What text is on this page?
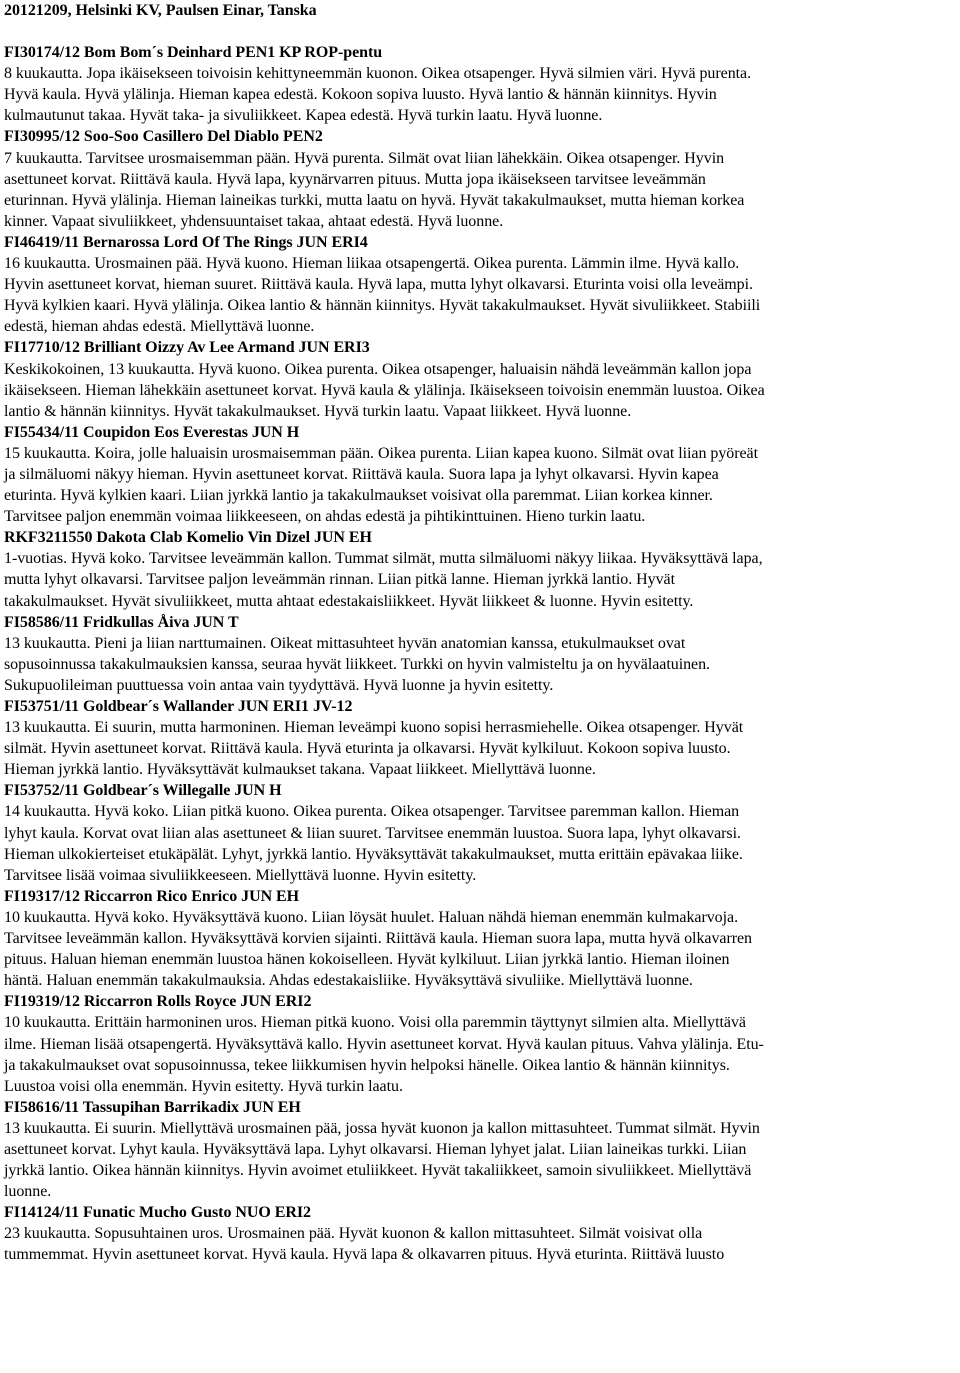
20121209, Helsinki KV, Paulsen Einar, Tanska
FI30174/12 Bom Bom´s Deinhard PEN1 KP ROP-pentu
8 kuukautta. Jopa ikäisekseen toivoisin kehittyneemmän kuonon. Oikea otsapenger. Hyvä silmien väri. Hyvä purenta.
Hyvä kaula. Hyvä ylälinja. Hieman kapea edestä. Kokoon sopiva luusto. Hyvä lantio & hännän kiinnitys. Hyvin
kulmautunut takaa. Hyvät taka- ja sivuliikkeet. Kapea edestä. Hyvä turkin laatu. Hyvä luonne.
FI30995/12 Soo-Soo Casillero Del Diablo PEN2
7 kuukautta. Tarvitsee urosmaisemman pään. Hyvä purenta. Silmät ovat liian lähekkäin. Oikea otsapenger. Hyvin
asettuneet korvat. Riittävä kaula. Hyvä lapa, kyynärvarren pituus. Mutta jopa ikäisekseen tarvitsee leveämmän
eturinnan. Hyvä ylälinja. Hieman laineikas turkki, mutta laatu on hyvä. Hyvät takakulmaukset, mutta hieman korkea
kinner. Vapaat sivuliikkeet, yhdensuuntaiset takaa, ahtaat edestä. Hyvä luonne.
FI46419/11 Bernarossa Lord Of The Rings JUN ERI4
16 kuukautta. Urosmainen pää. Hyvä kuono. Hieman liikaa otsapengertä. Oikea purenta. Lämmin ilme. Hyvä kallo.
Hyvin asettuneet korvat, hieman suuret. Riittävä kaula. Hyvä lapa, mutta lyhyt olkavarsi. Eturinta voisi olla leveämpi.
Hyvä kylkien kaari. Hyvä ylälinja. Oikea lantio & hännän kiinnitys. Hyvät takakulmaukset. Hyvät sivuliikkeet. Stabiili
edestä, hieman ahdas edestä. Miellyttävä luonne.
FI17710/12 Brilliant Oizzy Av Lee Armand JUN ERI3
Keskikokoinen, 13 kuukautta. Hyvä kuono. Oikea purenta. Oikea otsapenger, haluaisin nähdä leveämmän kallon jopa
ikäisekseen. Hieman lähekkäin asettuneet korvat. Hyvä kaula & ylälinja. Ikäisekseen toivoisin enemmän luustoa. Oikea
lantio & hännän kiinnitys. Hyvät takakulmaukset. Hyvä turkin laatu. Vapaat liikkeet. Hyvä luonne.
FI55434/11 Coupidon Eos Everestas JUN H
15 kuukautta. Koira, jolle haluaisin urosmaisemman pään. Oikea purenta. Liian kapea kuono. Silmät ovat liian pyöreät
ja silmäluomi näkyy hieman. Hyvin asettuneet korvat. Riittävä kaula. Suora lapa ja lyhyt olkavarsi. Hyvin kapea
eturinta. Hyvä kylkien kaari. Liian jyrkkä lantio ja takakulmaukset voisivat olla paremmat. Liian korkea kinner.
Tarvitsee paljon enemmän voimaa liikkeeseen, on ahdas edestä ja pihtikinttuinen. Hieno turkin laatu.
RKF3211550 Dakota Clab Komelio Vin Dizel JUN EH
1-vuotias. Hyvä koko. Tarvitsee leveämmän kallon. Tummat silmät, mutta silmäluomi näkyy liikaa. Hyväksyttävä lapa,
mutta lyhyt olkavarsi. Tarvitsee paljon leveämmän rinnan. Liian pitkä lanne. Hieman jyrkkä lantio. Hyvät
takakulmaukset. Hyvät sivuliikkeet, mutta ahtaat edestakaisliikkeet. Hyvät liikkeet & luonne. Hyvin esitetty.
FI58586/11 Fridkullas Åiva JUN T
13 kuukautta. Pieni ja liian narttumainen. Oikeat mittasuhteet hyvän anatomian kanssa, etukulmaukset ovat
sopusoinnussa takakulmauksien kanssa, seuraa hyvät liikkeet. Turkki on hyvin valmisteltu ja on hyvälaatuinen.
Sukupuolileiman puuttuessa voin antaa vain tyydyttävä. Hyvä luonne ja hyvin esitetty.
FI53751/11 Goldbear´s Wallander JUN ERI1 JV-12
13 kuukautta. Ei suurin, mutta harmoninen. Hieman leveämpi kuono sopisi herrasmiehelle. Oikea otsapenger. Hyvät
silmät. Hyvin asettuneet korvat. Riittävä kaula. Hyvä eturinta ja olkavarsi. Hyvät kylkiluut. Kokoon sopiva luusto.
Hieman jyrkkä lantio. Hyväksyttävät kulmaukset takana. Vapaat liikkeet. Miellyttävä luonne.
FI53752/11 Goldbear´s Willegalle JUN H
14 kuukautta. Hyvä koko. Liian pitkä kuono. Oikea purenta. Oikea otsapenger. Tarvitsee paremman kallon. Hieman
lyhyt kaula. Korvat ovat liian alas asettuneet & liian suuret. Tarvitsee enemmän luustoa. Suora lapa, lyhyt olkavarsi.
Hieman ulkokierteiset etukäpälät. Lyhyt, jyrkkä lantio. Hyväksyttävät takakulmaukset, mutta erittäin epävakaa liike.
Tarvitsee lisää voimaa sivuliikkeeseen. Miellyttävä luonne. Hyvin esitetty.
FI19317/12 Riccarron Rico Enrico JUN EH
10 kuukautta. Hyvä koko. Hyväksyttävä kuono. Liian löysät huulet. Haluan nähdä hieman enemmän kulmakarvoja.
Tarvitsee leveämmän kallon. Hyväksyttävä korvien sijainti. Riittävä kaula. Hieman suora lapa, mutta hyvä olkavarren
pituus. Haluan hieman enemmän luustoa hänen kokoiselleen. Hyvät kylkiluut. Liian jyrkkä lantio. Hieman iloinen
häntä. Haluan enemmän takakulmauksia. Ahdas edestakaisliike. Hyväksyttävä sivuliike. Miellyttävä luonne.
FI19319/12 Riccarron Rolls Royce JUN ERI2
10 kuukautta. Erittäin harmoninen uros. Hieman pitkä kuono. Voisi olla paremmin täyttynyt silmien alta. Miellyttävä
ilme. Hieman lisää otsapengertä. Hyväksyttävä kallo. Hyvin asettuneet korvat. Hyvä kaulan pituus. Vahva ylälinja. Etu-
ja takakulmaukset ovat sopusoinnussa, tekee liikkumisen hyvin helpoksi hänelle. Oikea lantio & hännän kiinnitys.
Luustoa voisi olla enemmän. Hyvin esitetty. Hyvä turkin laatu.
FI58616/11 Tassupihan Barrikadix JUN EH
13 kuukautta. Ei suurin. Miellyttävä urosmainen pää, jossa hyvät kuonon ja kallon mittasuhteet. Tummat silmät. Hyvin
asettuneet korvat. Lyhyt kaula. Hyväksyttävä lapa. Lyhyt olkavarsi. Hieman lyhyet jalat. Liian laineikas turkki. Liian
jyrkkä lantio. Oikea hännän kiinnitys. Hyvin avoimet etuliikkeet. Hyvät takaliikkeet, samoin sivuliikkeet. Miellyttävä
luonne.
FI14124/11 Funatic Mucho Gusto NUO ERI2
23 kuukautta. Sopusuhtainen uros. Urosmainen pää. Hyvät kuonon & kallon mittasuhteet. Silmät voisivat olla
tummemmat. Hyvin asettuneet korvat. Hyvä kaula. Hyvä lapa & olkavarren pituus. Hyvä eturinta. Riittävä luusto
